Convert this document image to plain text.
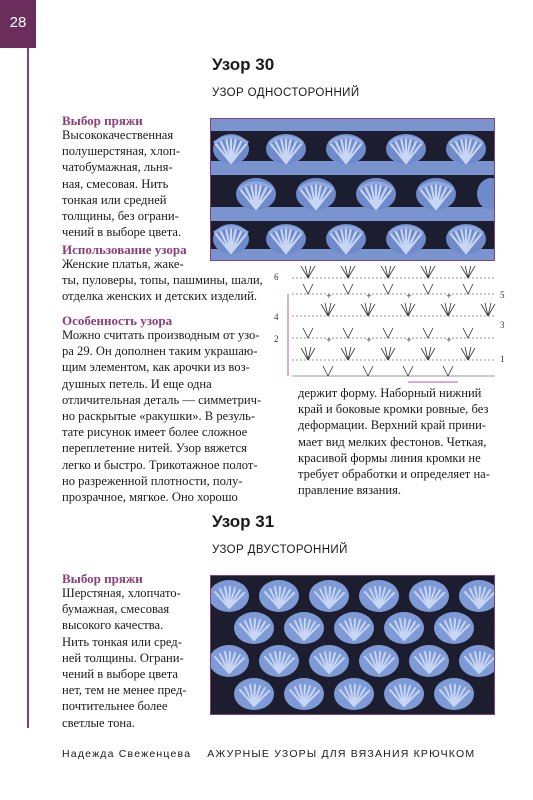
28
Узор 30
УЗОР ОДНОСТОРОННИЙ
Выбор пряжи
Высококачественная
полушерстяная, хлоп-
чатобумажная, льня-
ная, смесовая. Нить
тонкая или средней
толщины, без ограни-
чений в выборе цвета.
Использование узора
Женские платья, жаке-
ты, пуловеры, топы, пашмины, шали,
отделка женских и детских изделий.
Особенность узора
Можно считать производным от узо-
ра 29. Он дополнен таким украшаю-
щим элементом, как арочки из воз-
душных петель. И еще одна
отличительная деталь — симметрич-
но раскрытые «ракушки». В резуль-
тате рисунок имеет более сложное
переплетение нитей. Узор вяжется
легко и быстро. Трикотажное полот-
но разреженной плотности, полу-
прозрачное, мягкое. Оно хорошо
держит форму. Наборный нижний
край и боковые кромки ровные, без
деформации. Верхний край прини-
мает вид мелких фестонов. Четкая,
красивой формы линия кромки не
требует обработки и определяет на-
правление вязания.
+	+	+	+
+	+	+	+
6
5
4
3
2
1
Узор 31
УЗОР ДВУСТОРОННИЙ
Выбор пряжи
Шерстяная, хлопчато-
бумажная, смесовая
высокого качества.
Нить тонкая или сред-
ней толщины. Ограни-
чений в выборе цвета
нет, тем не менее пред-
почтительнее более
светлые тона.
Надежда Свеженцева АЖУРНЫЕ УЗОРЫ ДЛЯ ВЯЗАНИЯ КРЮЧКОМ
